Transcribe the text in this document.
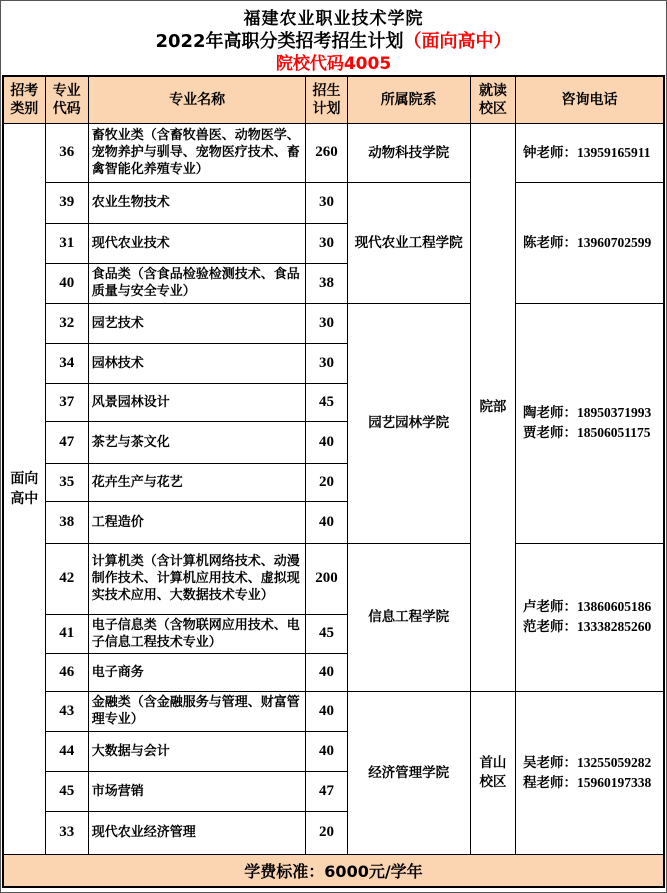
福建农业职业技术学院
2022年高职分类招考招生计划（面向高中）
院校代码4005
招考类别	专业代码	专业名称	招生计划	所属院系	就读校区	咨询电话
面向高中	36	畜牧业类（含畜牧兽医、动物医学、宠物养护与驯导、宠物医疗技术、畜禽智能化养殖专业）	260	动物科技学院	院部	钟老师：13959165911

	39	农业生物技术	30	现代农业工程学院		陈老师：13960702599

	31	现代农业技术	30			
	40	食品类（含食品检验检测技术、食品质量与安全专业）	38			
	32	园艺技术	30	园艺园林学院		陶老师：18950371993
贾老师：18506051175

	34	园林技术	30			
	37	风景园林设计	45			
	47	茶艺与茶文化	40			
	35	花卉生产与花艺	20			
	38	工程造价	40			
	42	计算机类（含计算机网络技术、动漫制作技术、计算机应用技术、虚拟现实技术应用、大数据技术专业）	200	信息工程学院		卢老师：13860605186
范老师：13338285260

	41	电子信息类（含物联网应用技术、电子信息工程技术专业）	45			
	46	电子商务	40			
	43	金融类（含金融服务与管理、财富管理专业）	40	经济管理学院	首山校区	吴老师：13255059282
程老师：15960197338

	44	大数据与会计	40			
	45	市场营销	47			
	33	现代农业经济管理	20			
学费标准：6000元/学年						
